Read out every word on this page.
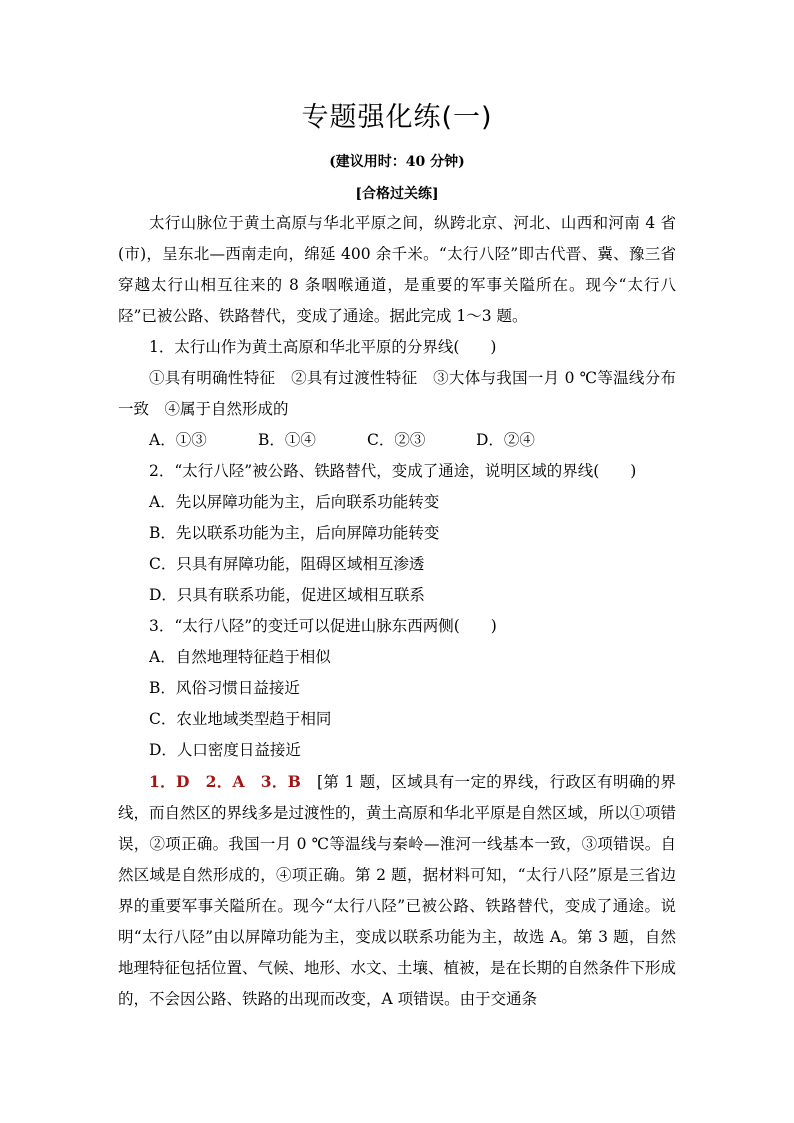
专题强化练(一)
(建议用时：40 分钟)
[合格过关练]

太行山脉位于黄土高原与华北平原之间，纵跨北京、河北、山西和河南 4 省(市)，呈东北—西南走向，绵延 400 余千米。“太行八陉”即古代晋、冀、豫三省穿越太行山相互往来的 8 条咽喉通道，是重要的军事关隘所在。现今“太行八陉”已被公路、铁路替代，变成了通途。据此完成 1～3 题。

1．太行山作为黄土高原和华北平原的分界线(　　)

①具有明确性特征　②具有过渡性特征　③大体与我国一月 0 ℃等温线分布一致　④属于自然形成的

A．①③	B．①④	C．②③	D．②④

2．“太行八陉”被公路、铁路替代，变成了通途，说明区域的界线(　　)

A．先以屏障功能为主，后向联系功能转变

B．先以联系功能为主，后向屏障功能转变

C．只具有屏障功能，阻碍区域相互渗透

D．只具有联系功能，促进区域相互联系

3．“太行八陉”的变迁可以促进山脉东西两侧(　　)

A．自然地理特征趋于相似

B．风俗习惯日益接近

C．农业地域类型趋于相同

D．人口密度日益接近

1．D　2．A　3．B　 [第 1 题，区域具有一定的界线，行政区有明确的界线，而自然区的界线多是过渡性的，黄土高原和华北平原是自然区域，所以①项错误，②项正确。我国一月 0 ℃等温线与秦岭—淮河一线基本一致，③项错误。自然区域是自然形成的，④项正确。第 2 题，据材料可知，“太行八陉”原是三省边界的重要军事关隘所在。现今“太行八陉”已被公路、铁路替代，变成了通途。说明“太行八陉”由以屏障功能为主，变成以联系功能为主，故选 A。第 3 题，自然地理特征包括位置、气候、地形、水文、土壤、植被，是在长期的自然条件下形成的，不会因公路、铁路的出现而改变，A 项错误。由于交通条
